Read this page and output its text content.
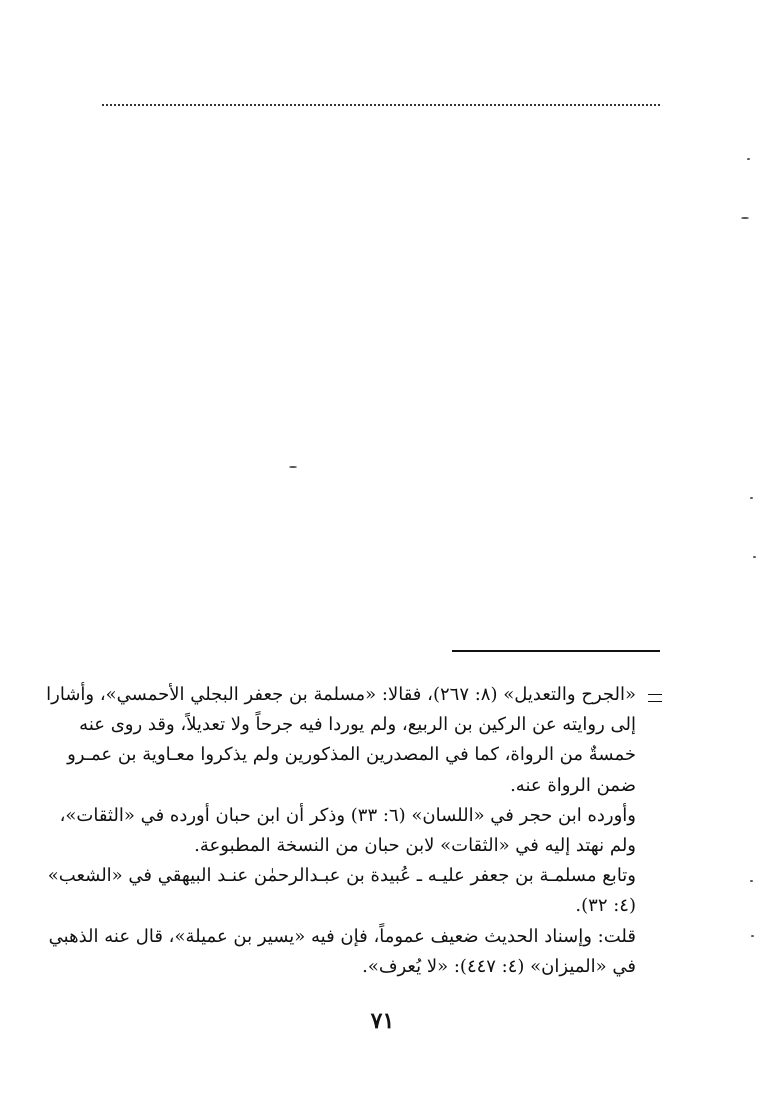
«الجرح والتعديل» (٨: ٢٦٧)، فقالا: «مسلمة بن جعفر البجلي الأحمسي»، وأشارا
إلى روايته عن الركين بن الربيع، ولم يوردا فيه جرحاً ولا تعديلاً، وقد روى عنه
خمسةٌ من الرواة، كما في المصدرين المذكورين ولم يذكروا معـاوية بن عمـرو
ضمن الرواة عنه.
وأورده ابن حجر في «اللسان» (٦: ٣٣) وذكر أن ابن حبان أورده في «الثقات»،
ولم نهتد إليه في «الثقات» لابن حبان من النسخة المطبوعة.
وتابع مسلمـة بن جعفر عليـه ـ عُبيدة بن عبـدالرحمٰن عنـد البيهقي في «الشعب»
(٤: ٣٢).
قلت: وإسناد الحديث ضعيف عموماً، فإن فيه «يسير بن عميلة»، قال عنه الذهبي
في «الميزان» (٤: ٤٤٧): «لا يُعرف».
٧١
